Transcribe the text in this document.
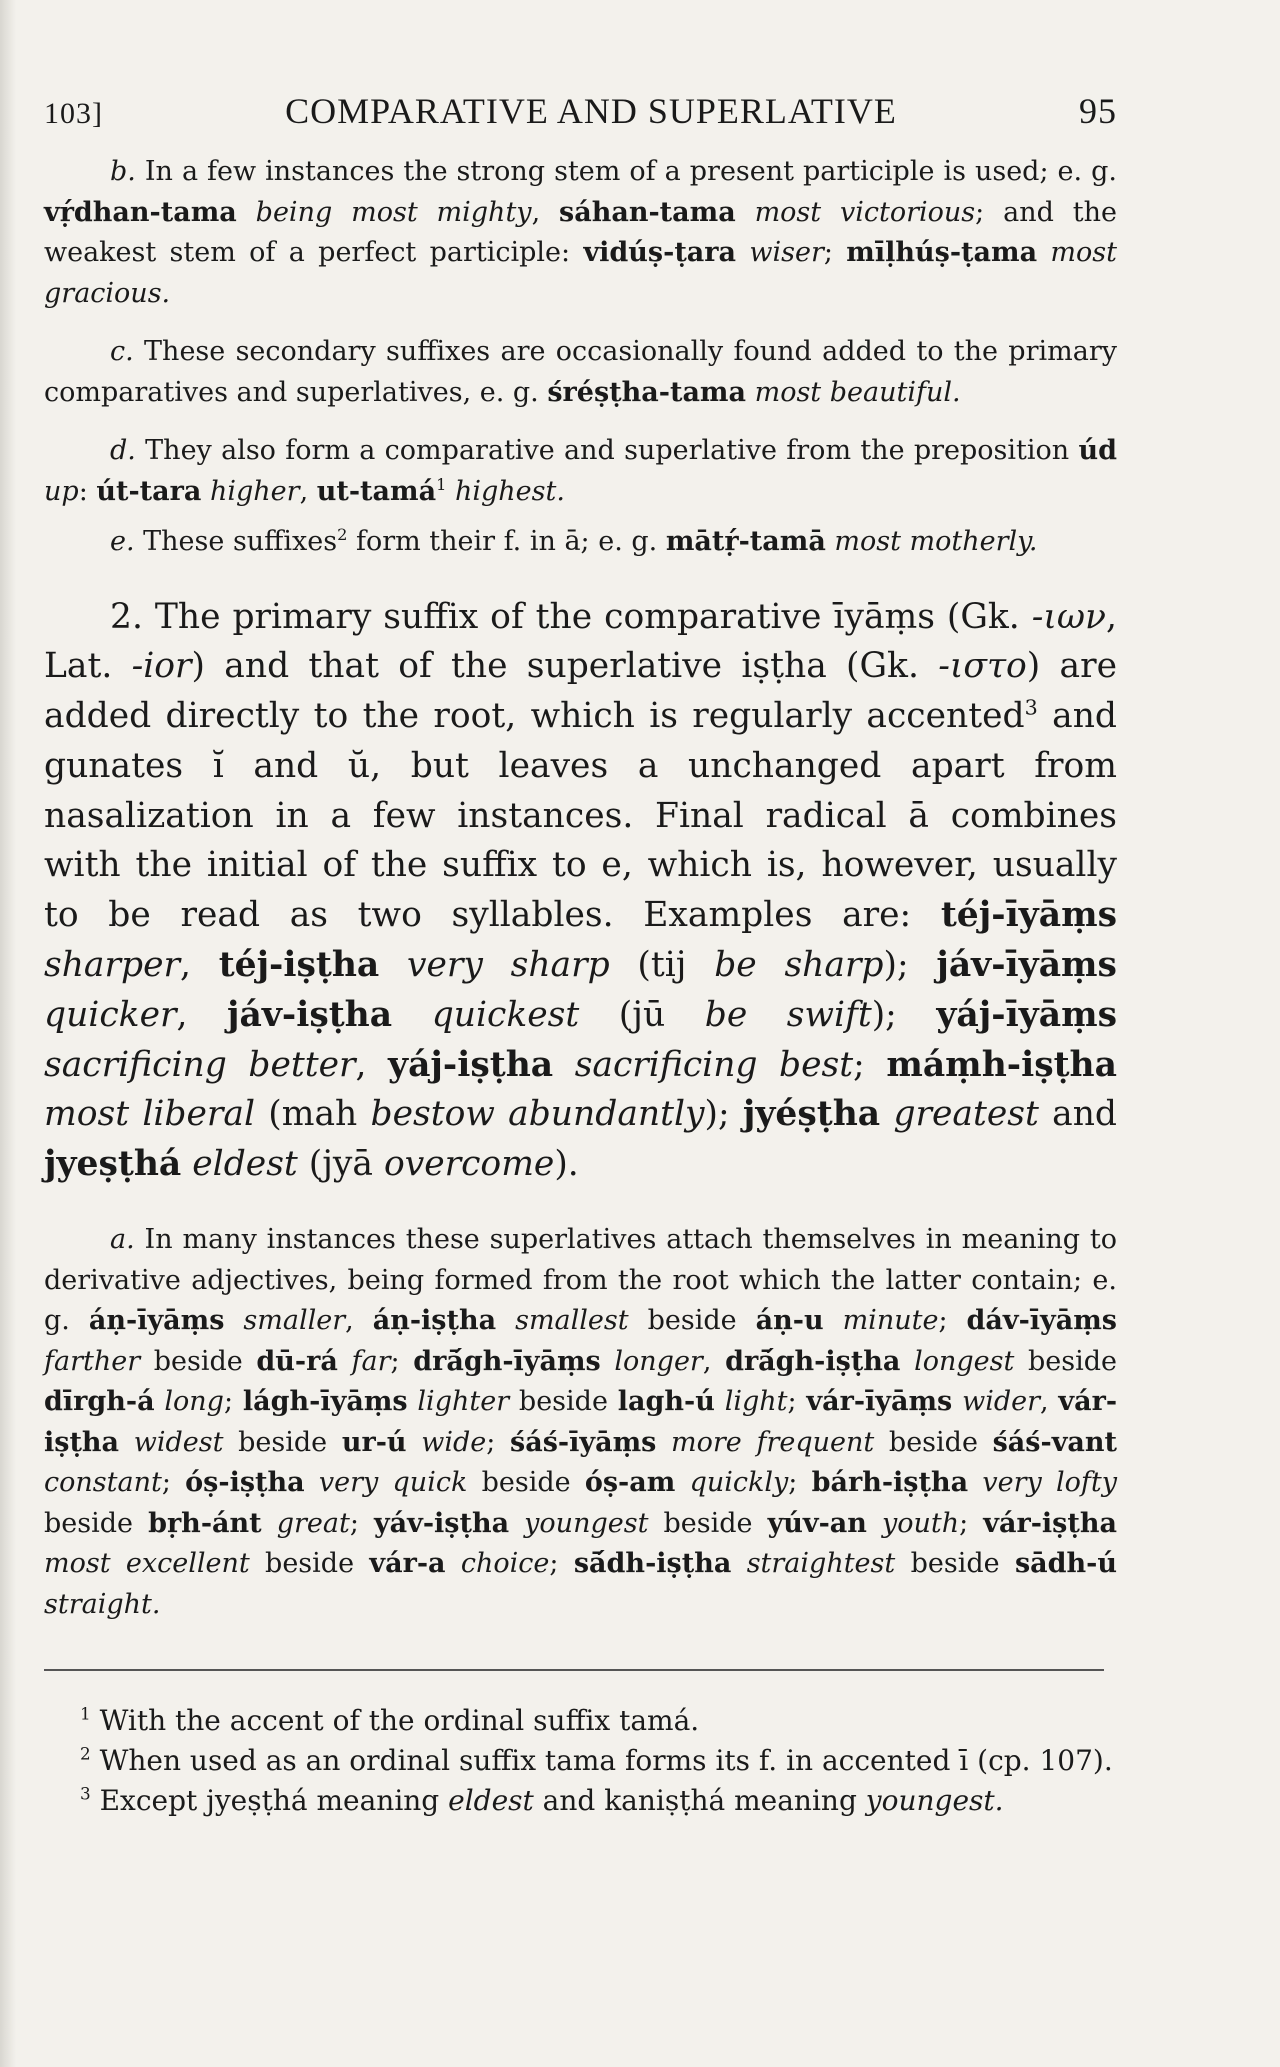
103]	COMPARATIVE AND SUPERLATIVE	95

b. In a few instances the strong stem of a present participle is used; e. g. vṛ́dhan-tama being most mighty, sáhan-tama most victorious; and the weakest stem of a perfect participle: vidúṣ-ṭara wiser; mīḷhúṣ-ṭama most gracious.

c. These secondary suffixes are occasionally found added to the primary comparatives and superlatives, e. g. śréṣṭha-tama most beautiful.

d. They also form a comparative and superlative from the preposition úd up: út-tara higher, ut-tamá$^1$ highest.

e. These suffixes$^2$ form their f. in ā; e. g. mātṛ́-tamā most motherly.

2. The primary suffix of the comparative īyāṃs (Gk. -ιων, Lat. -ior) and that of the superlative iṣṭha (Gk. -ιστο) are added directly to the root, which is regularly accented$^3$ and gunates ĭ and ŭ, but leaves a unchanged apart from nasalization in a few instances. Final radical ā combines with the initial of the suffix to e, which is, however, usually to be read as two syllables. Examples are: téj-īyāṃs sharper, téj-iṣṭha very sharp (tij be sharp); jáv-īyāṃs quicker, jáv-iṣṭha quickest (jū be swift); yáj-īyāṃs sacrificing better, yáj-iṣṭha sacrificing best; máṃh-iṣṭha most liberal (mah bestow abundantly); jyéṣṭha greatest and jyeṣṭhá eldest (jyā overcome).

a. In many instances these superlatives attach themselves in meaning to derivative adjectives, being formed from the root which the latter contain; e. g. áṇ-īyāṃs smaller, áṇ-iṣṭha smallest beside áṇ-u minute; dáv-īyāṃs farther beside dū-rá far; drā́gh-īyāṃs longer, drā́gh-iṣṭha longest beside dīrgh-á long; lágh-īyāṃs lighter beside lagh-ú light; vár-īyāṃs wider, vár-iṣṭha widest beside ur-ú wide; śáś-īyāṃs more frequent beside śáś-vant constant; óṣ-iṣṭha very quick beside óṣ-am quickly; bárh-iṣṭha very lofty beside bṛh-ánt great; yáv-iṣṭha youngest beside yúv-an youth; vár-iṣṭha most excellent beside vár-a choice; sā́dh-iṣṭha straightest beside sādh-ú straight.

$^1$ With the accent of the ordinal suffix tamá.

$^2$ When used as an ordinal suffix tama forms its f. in accented ī (cp. 107).

$^3$ Except jyeṣṭhá meaning eldest and kaniṣṭhá meaning youngest.
